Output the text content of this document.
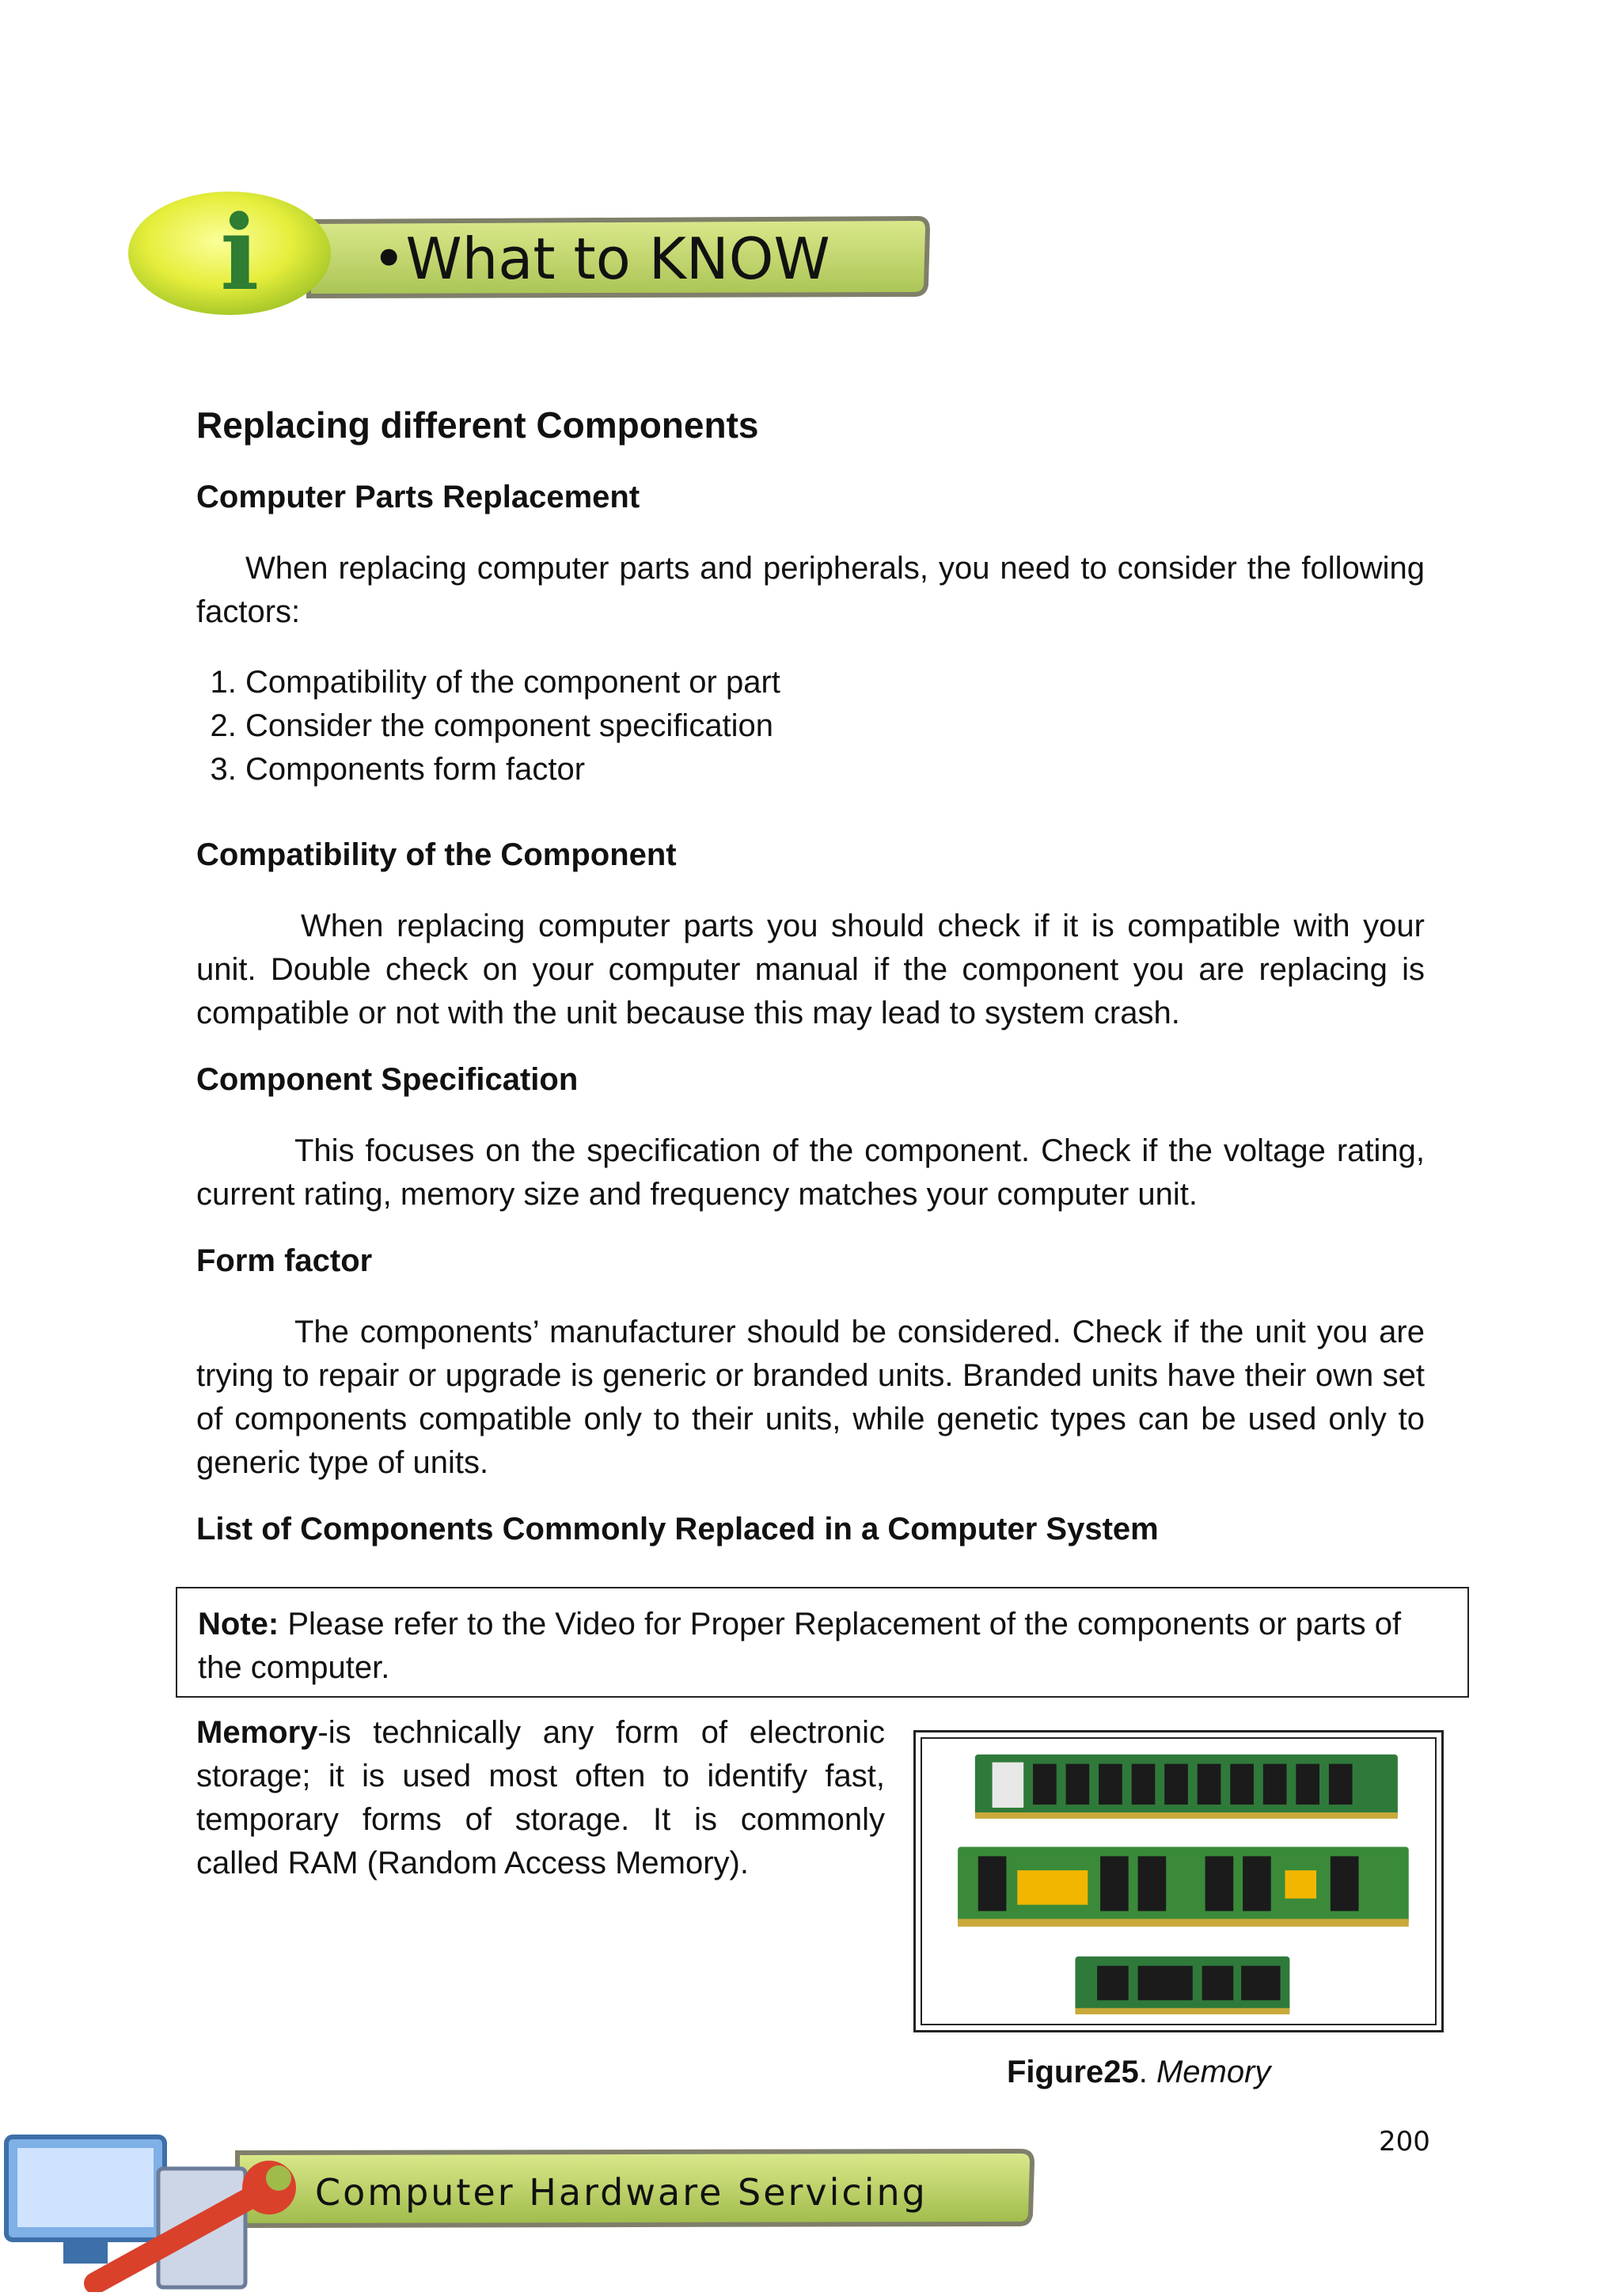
i •What to KNOW
Replacing different Components
Computer Parts Replacement

When replacing computer parts and peripherals, you need to consider the following factors:

1. Compatibility of the component or part
2. Consider the component specification
3. Components form factor
Compatibility of the Component

When replacing computer parts you should check if it is compatible with your unit. Double check on your computer manual if the component you are replacing is compatible or not with the unit because this may lead to system crash.

Component Specification

This focuses on the specification of the component. Check if the voltage rating, current rating, memory size and frequency matches your computer unit.

Form factor

The components’ manufacturer should be considered. Check if the unit you are trying to repair or upgrade is generic or branded units. Branded units have their own set of components compatible only to their units, while genetic types can be used only to generic type of units.

List of Components Commonly Replaced in a Computer System
Note: Please refer to the Video for Proper Replacement of the components or parts of the computer.
Memory-is technically any form of electronic storage; it is used most often to identify fast, temporary forms of storage. It is commonly called RAM (Random Access Memory).
Figure25. Memory
200
Computer Hardware Servicing
